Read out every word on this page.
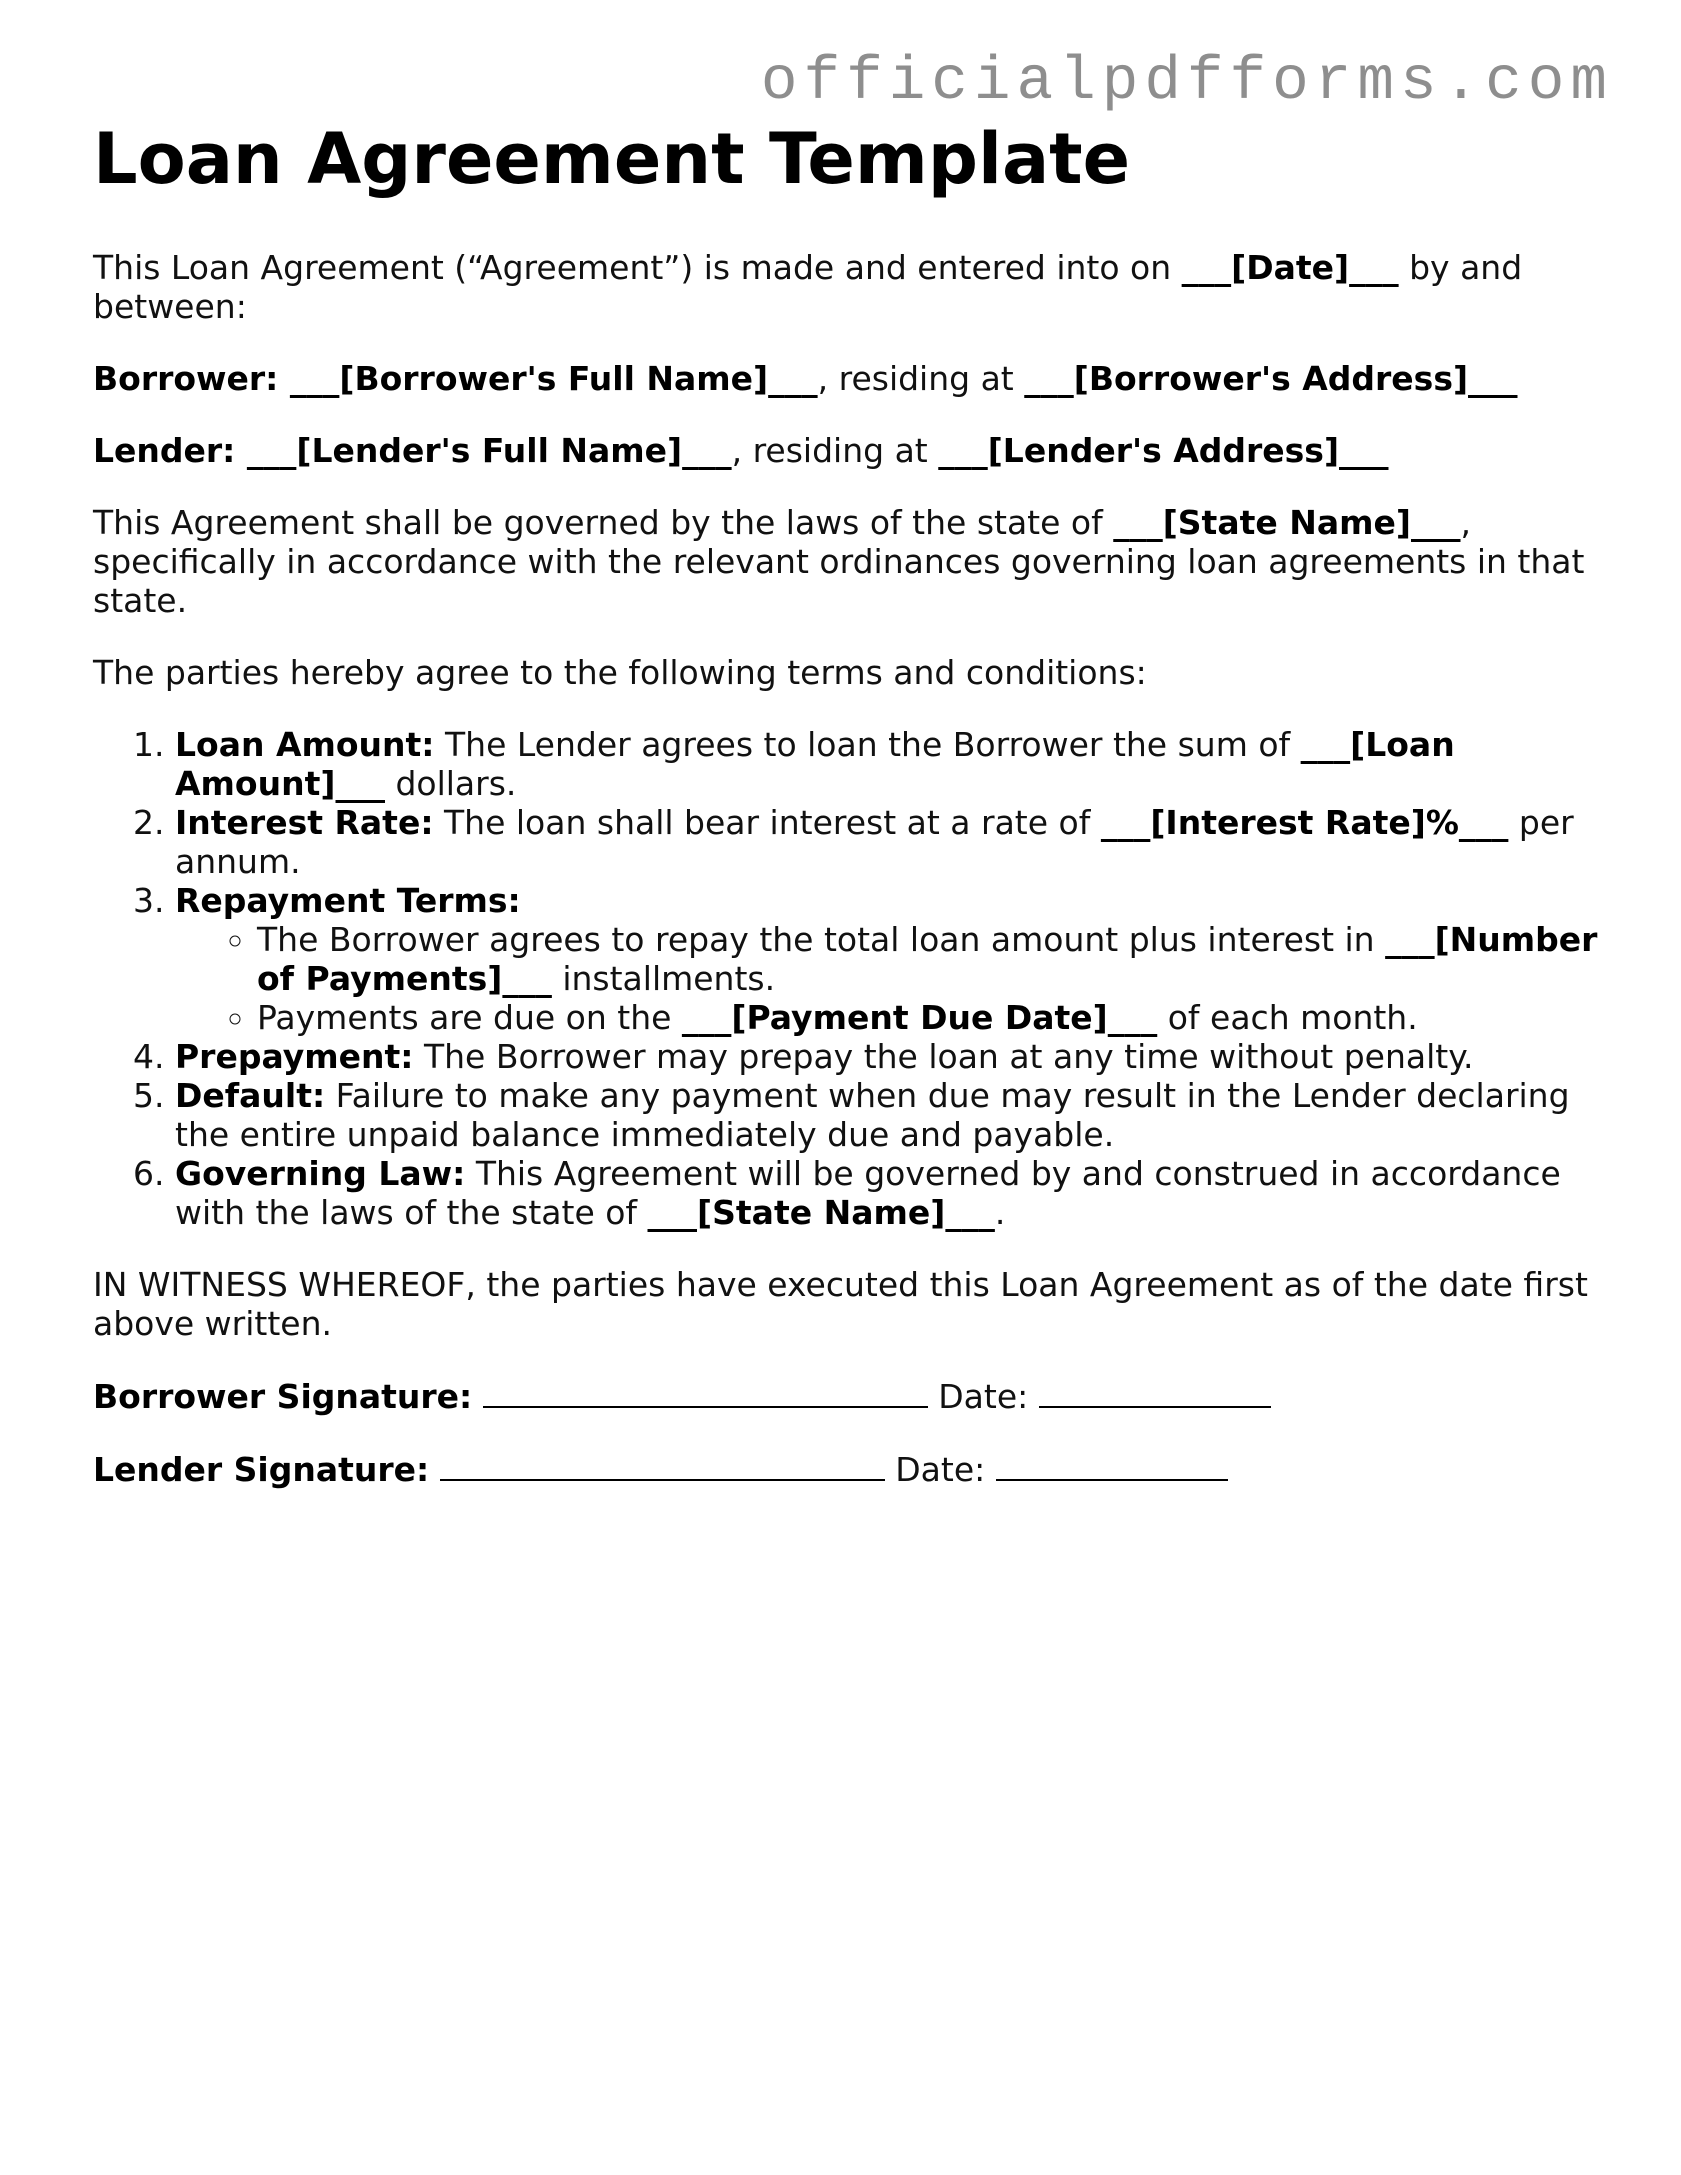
officialpdfforms.com
Loan Agreement Template

This Loan Agreement (“Agreement”) is made and entered into on ___[Date]___ by and between:

Borrower: ___[Borrower's Full Name]___, residing at ___[Borrower's Address]___

Lender: ___[Lender's Full Name]___, residing at ___[Lender's Address]___

This Agreement shall be governed by the laws of the state of ___[State Name]___, specifically in accordance with the relevant ordinances governing loan agreements in that state.

The parties hereby agree to the following terms and conditions:

1. Loan Amount: The Lender agrees to loan the Borrower the sum of ___[Loan Amount]___ dollars.
2. Interest Rate: The loan shall bear interest at a rate of ___[Interest Rate]%___ per annum.
3. Repayment Terms:
◦ The Borrower agrees to repay the total loan amount plus interest in ___[Number of Payments]___ installments.
◦ Payments are due on the ___[Payment Due Date]___ of each month.
4. Prepayment: The Borrower may prepay the loan at any time without penalty.
5. Default: Failure to make any payment when due may result in the Lender declaring the entire unpaid balance immediately due and payable.
6. Governing Law: This Agreement will be governed by and construed in accordance with the laws of the state of ___[State Name]___.

IN WITNESS WHEREOF, the parties have executed this Loan Agreement as of the date first above written.

Borrower Signature:	Date:

Lender Signature:	Date:
